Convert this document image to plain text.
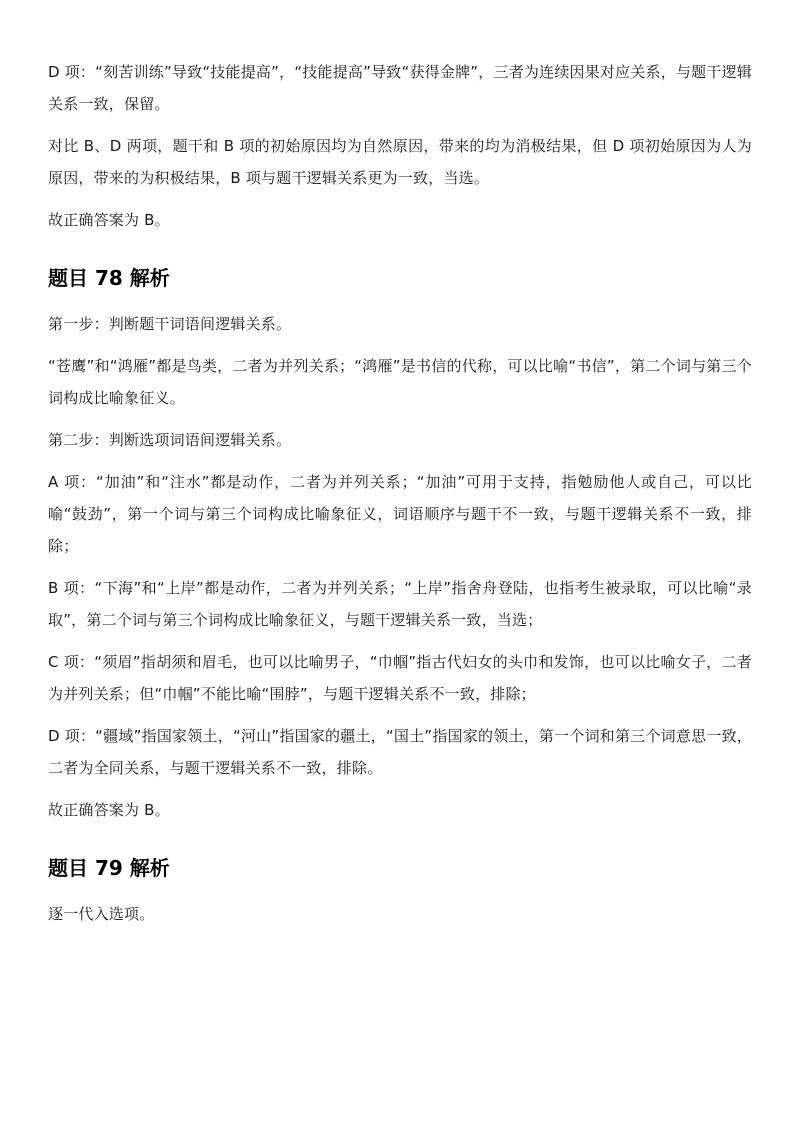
D 项：“刻苦训练”导致“技能提高”，“技能提高”导致“获得金牌”，三者为连续因果对应关系，与题干逻辑关系一致，保留。

对比 B、D 两项，题干和 B 项的初始原因均为自然原因，带来的均为消极结果，但 D 项初始原因为人为原因，带来的为积极结果，B 项与题干逻辑关系更为一致，当选。

故正确答案为 B。

题目 78 解析

第一步：判断题干词语间逻辑关系。

“苍鹰”和“鸿雁”都是鸟类，二者为并列关系；“鸿雁”是书信的代称，可以比喻“书信”，第二个词与第三个词构成比喻象征义。

第二步：判断选项词语间逻辑关系。

A 项：“加油”和“注水”都是动作，二者为并列关系；“加油”可用于支持，指勉励他人或自己，可以比喻“鼓劲”，第一个词与第三个词构成比喻象征义，词语顺序与题干不一致，与题干逻辑关系不一致，排除；

B 项：“下海”和“上岸”都是动作，二者为并列关系；“上岸”指舍舟登陆，也指考生被录取，可以比喻“录取”，第二个词与第三个词构成比喻象征义，与题干逻辑关系一致，当选；

C 项：“须眉”指胡须和眉毛，也可以比喻男子，“巾帼”指古代妇女的头巾和发饰，也可以比喻女子，二者为并列关系；但“巾帼”不能比喻“围脖”，与题干逻辑关系不一致，排除；

D 项：“疆域”指国家领土，“河山”指国家的疆土，“国土”指国家的领土，第一个词和第三个词意思一致，二者为全同关系，与题干逻辑关系不一致，排除。

故正确答案为 B。

题目 79 解析

逐一代入选项。
